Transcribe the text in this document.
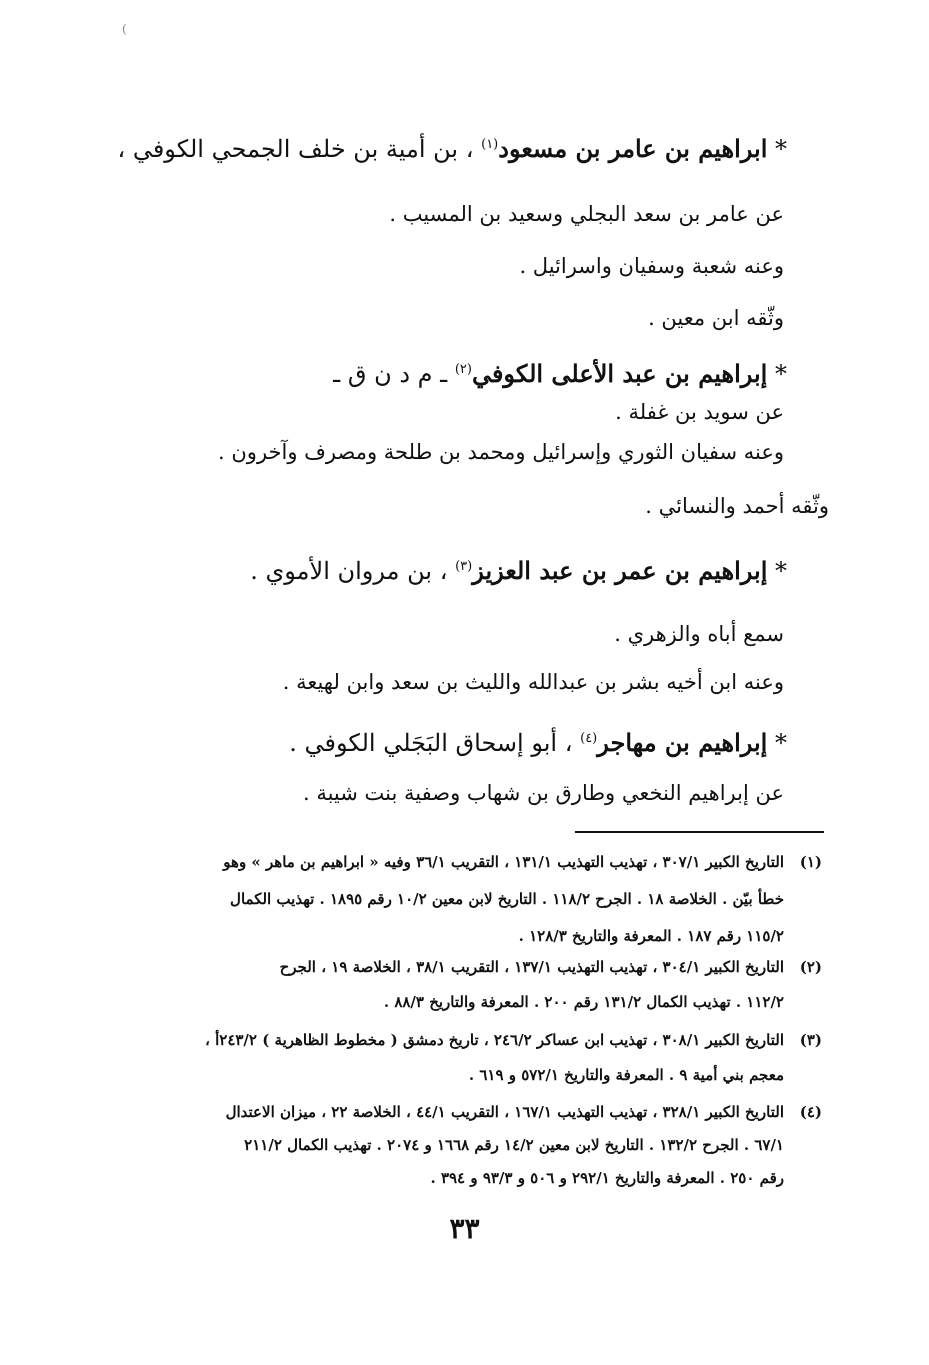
(
* ابراهيم بن عامر بن مسعود$^{(١)}$ ، بن أمية بن خلف الجمحي الكوفي ،
عن عامر بن سعد البجلي وسعيد بن المسيب .
وعنه شعبة وسفيان واسرائيل .
وثّقه ابن معين .
* إبراهيم بن عبد الأعلى الكوفي$^{(٢)}$ ـ م د ن ق ـ
عن سويد بن غفلة .
وعنه سفيان الثوري وإسرائيل ومحمد بن طلحة ومصرف وآخرون .
وثّقه أحمد والنسائي .
* إبراهيم بن عمر بن عبد العزيز$^{(٣)}$ ، بن مروان الأموي .
سمع أباه والزهري .
وعنه ابن أخيه بشر بن عبدالله والليث بن سعد وابن لهيعة .
* إبراهيم بن مهاجر$^{(٤)}$ ، أبو إسحاق البَجَلي الكوفي .
عن إبراهيم النخعي وطارق بن شهاب وصفية بنت شيبة .
(١)
التاريخ الكبير ٣٠٧/١ ، تهذيب التهذيب ١٣١/١ ، التقريب ٣٦/١ وفيه « ابراهيم بن ماهر » وهو
خطأ بيّن . الخلاصة ١٨ . الجرح ١١٨/٢ . التاريخ لابن معين ١٠/٢ رقم ١٨٩٥ . تهذيب الكمال
١١٥/٢ رقم ١٨٧ . المعرفة والتاريخ ١٢٨/٣ .
(٢)
التاريخ الكبير ٣٠٤/١ ، تهذيب التهذيب ١٣٧/١ ، التقريب ٣٨/١ ، الخلاصة ١٩ ، الجرح
١١٢/٢ . تهذيب الكمال ١٣١/٢ رقم ٢٠٠ . المعرفة والتاريخ ٨٨/٣ .
(٣)
التاريخ الكبير ٣٠٨/١ ، تهذيب ابن عساكر ٢٤٦/٢ ، تاريخ دمشق ( مخطوط الظاهرية ) ٢٤٣/٢أ ،
معجم بني أمية ٩ . المعرفة والتاريخ ٥٧٢/١ و ٦١٩ .
(٤)
التاريخ الكبير ٣٢٨/١ ، تهذيب التهذيب ١٦٧/١ ، التقريب ٤٤/١ ، الخلاصة ٢٢ ، ميزان الاعتدال
٦٧/١ . الجرح ١٣٢/٢ . التاريخ لابن معين ١٤/٢ رقم ١٦٦٨ و ٢٠٧٤ . تهذيب الكمال ٢١١/٢
رقم ٢٥٠ . المعرفة والتاريخ ٢٩٢/١ و ٥٠٦ و ٩٣/٣ و ٣٩٤ .
٣٣
